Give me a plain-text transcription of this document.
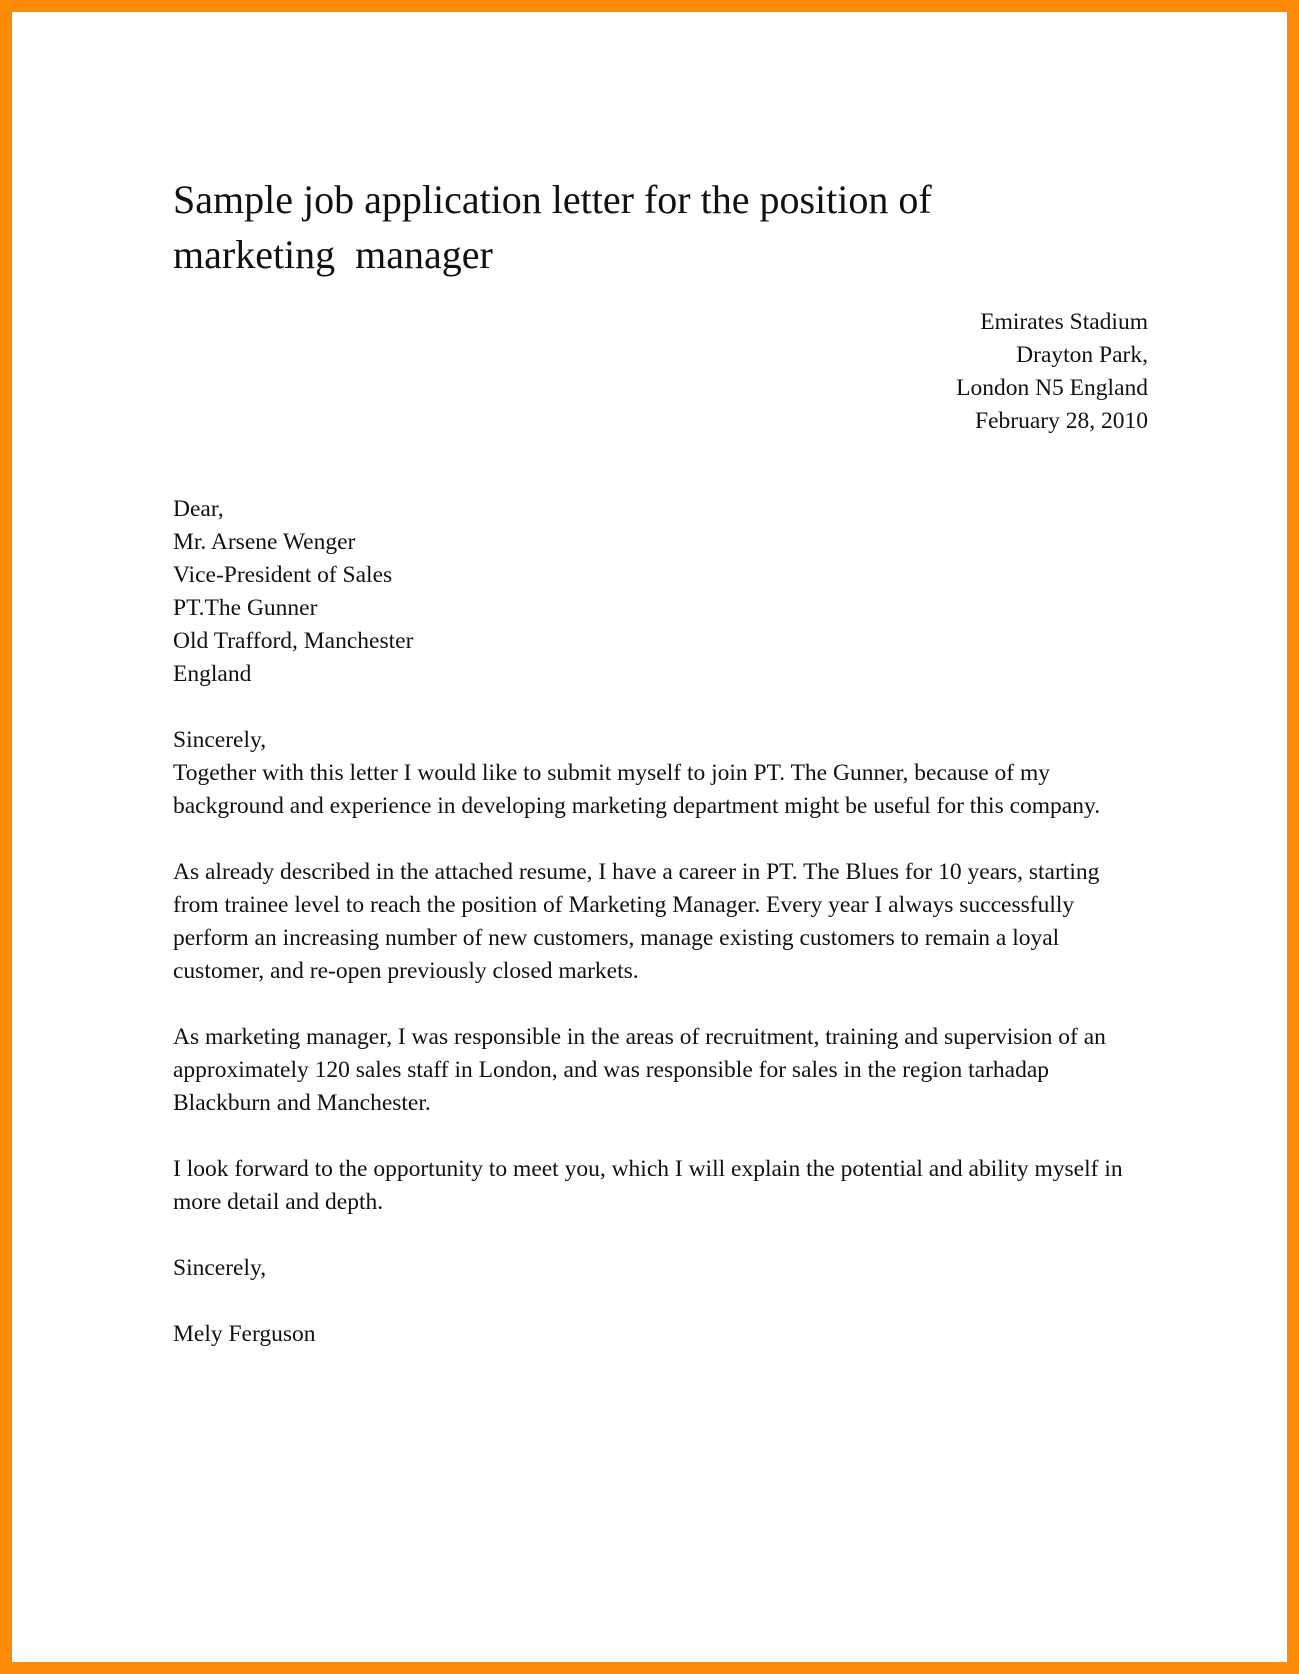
Sample job application letter for the position of
marketing  manager
Emirates Stadium
Drayton Park,
London N5 England
February 28, 2010
Dear,
Mr. Arsene Wenger
Vice-President of Sales
PT.The Gunner
Old Trafford, Manchester
England
Sincerely,

Together with this letter I would like to submit myself to join PT. The Gunner, because of my background and experience in developing marketing department might be useful for this company.

As already described in the attached resume, I have a career in PT. The Blues for 10 years, starting from trainee level to reach the position of Marketing Manager. Every year I always successfully perform an increasing number of new customers, manage existing customers to remain a loyal customer, and re-open previously closed markets.

As marketing manager, I was responsible in the areas of recruitment, training and supervision of an approximately 120 sales staff in London, and was responsible for sales in the region tarhadap Blackburn and Manchester.

I look forward to the opportunity to meet you, which I will explain the potential and ability myself in more detail and depth.

Sincerely,
Mely Ferguson
